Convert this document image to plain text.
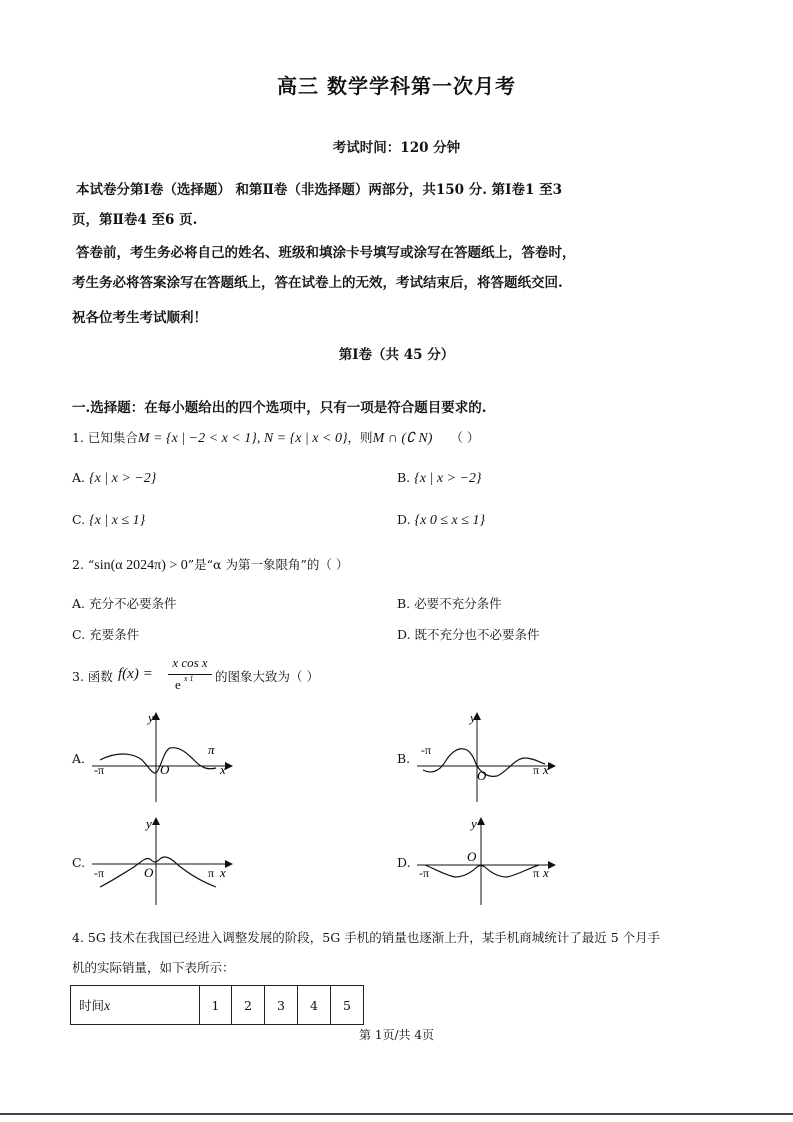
高三 数学学科第一次月考
考试时间：120 分钟
本试卷分第Ⅰ卷（选择题） 和第Ⅱ卷（非选择题）两部分，共150 分. 第Ⅰ卷1 至3
页，第Ⅱ卷4 至6 页.
答卷前，考生务必将自己的姓名、班级和填涂卡号填写或涂写在答题纸上，答卷时，
考生务必将答案涂写在答题纸上，答在试卷上的无效，考试结束后，将答题纸交回.
祝各位考生考试顺利！
第Ⅰ卷（共 45 分）
一.选择题：在每小题给出的四个选项中，只有一项是符合题目要求的.
1. 已知集合M = {x | −2 < x < 1}, N = {x | x < 0}，则M ∩ (∁ N) （ ）
A. {x | x > −2}	B. {x | x > −2}
C. {x | x ≤ 1}	D. {x 0 ≤ x ≤ 1}
2. “sin(α 2024π) > 0”是“α 为第一象限角”的（ ）
A. 充分不必要条件	B. 必要不充分条件
C. 充要条件	D. 既不充分也不必要条件
3. 函数 f(x) =
x cos x
e x 1 的图象大致为（ ）
A.	B.
C.	D.
y
x
O
π
-π
y
x
O	π
-π
y
x
O	π
-π
y
x
O
π
-π
4. 5G 技术在我国已经进入调整发展的阶段，5G 手机的销量也逐渐上升，某手机商城统计了最近 5 个月手
机的实际销量，如下表所示：
时间x	1	2	3	4	5
第 1页/共 4页
